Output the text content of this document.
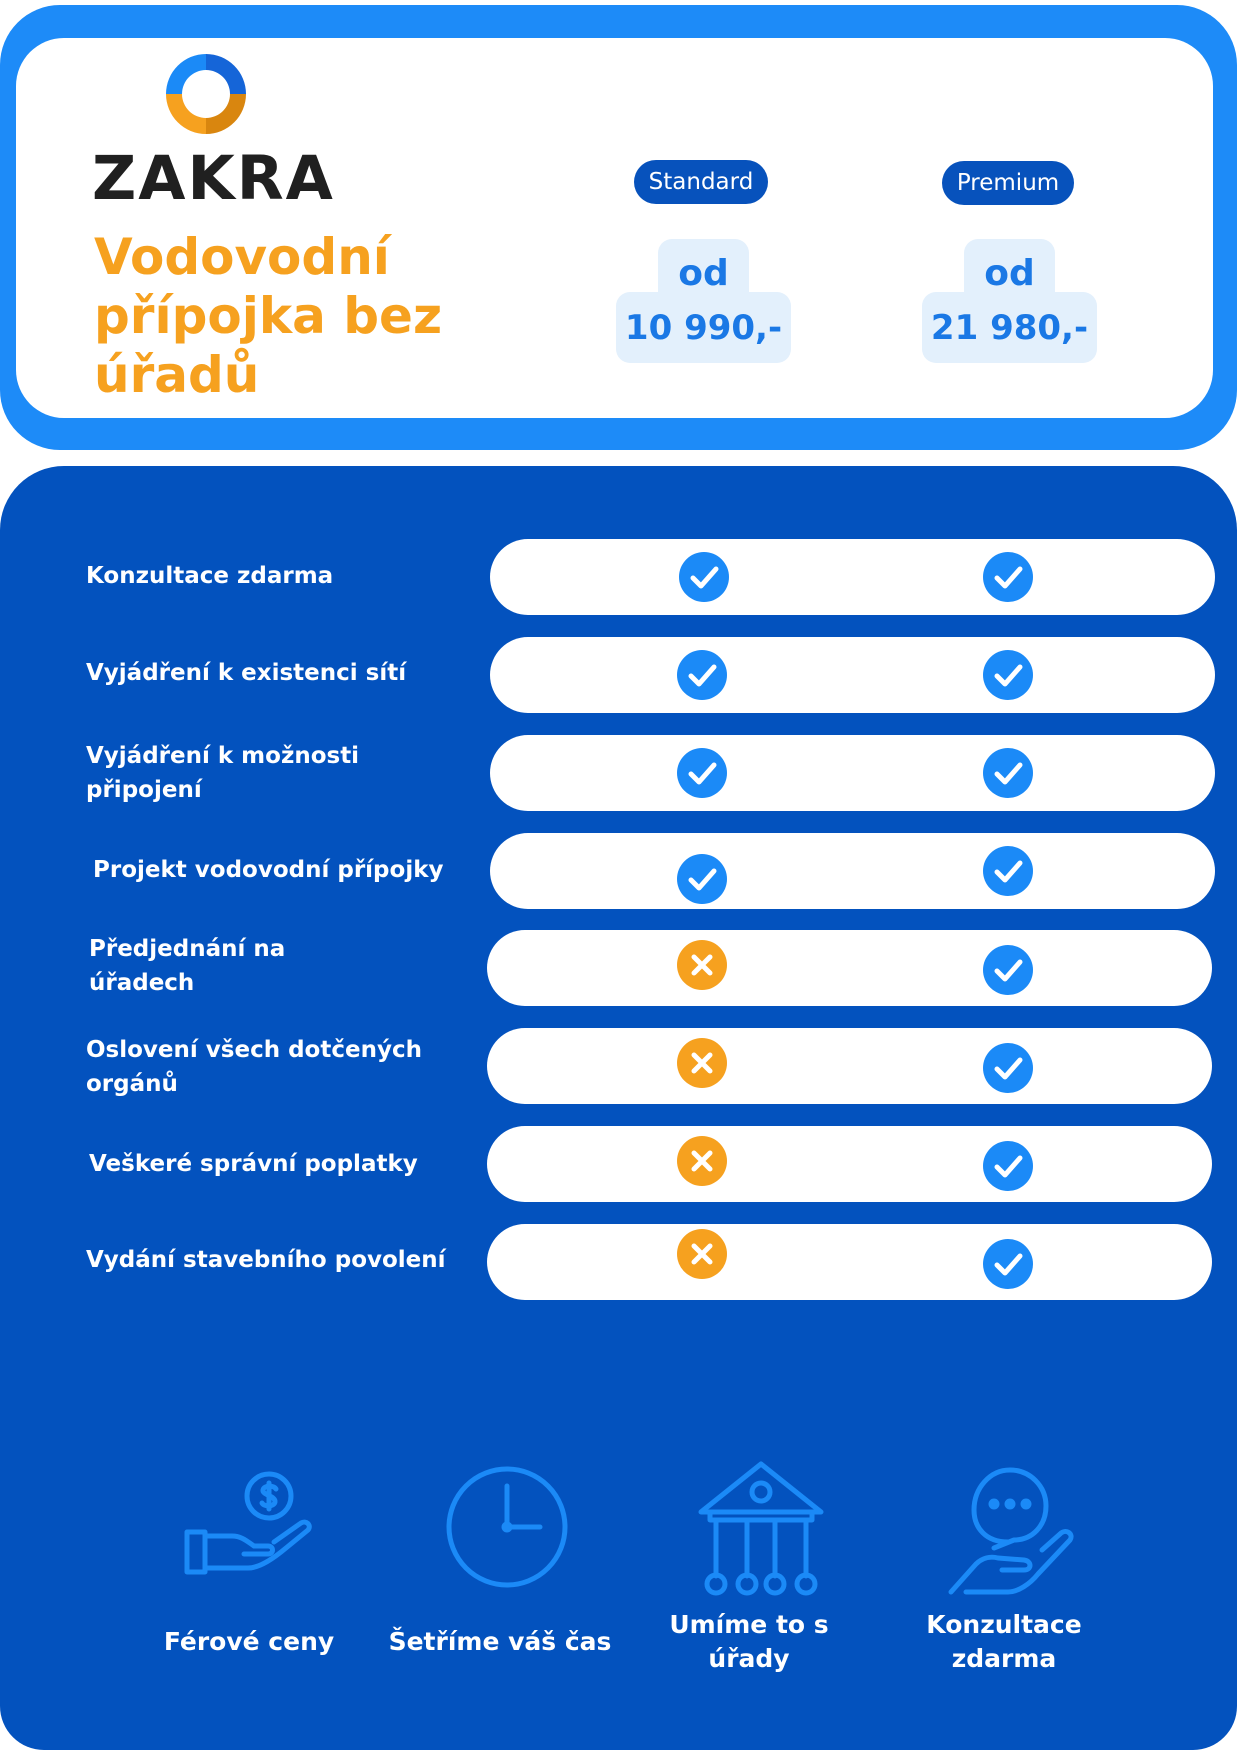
ZAKRA
Vodovodní přípojka bez úřadů
Standard	Premium
od
10 990,-
od
21 980,-
Konzultace zdarma
Vyjádření k existenci sítí
Vyjádření k možnosti připojení
Projekt vodovodní přípojky
Předjednání na úřadech
Oslovení všech dotčených orgánů
Veškeré správní poplatky
Vydání stavebního povolení
Férové ceny	Šetříme váš čas
Umíme to s úřady
Konzultace zdarma
